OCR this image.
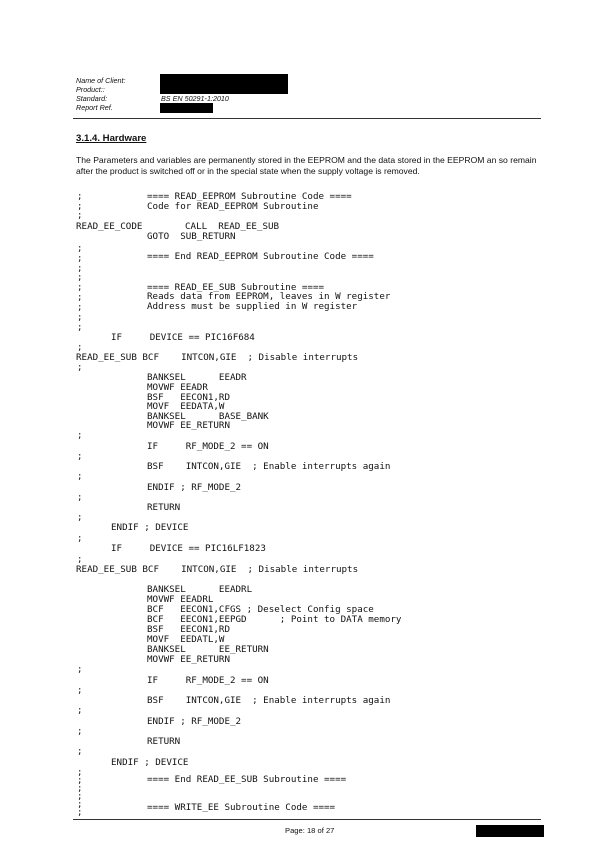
Name of Client:
Product::
Standard:
Report Ref.
BS EN 50291-1:2010
3.1.4. Hardware
The Parameters and variables are permanently stored in the EEPROM and the data stored in the EEPROM an so remain after the product is switched off or in the special state when the supply voltage is removed.
;
;
;
;
;
;
;
;
;
;
;
;
;
;
;
;
;
;
;
;
;
;
;
;
;
;
;
;
;
;
;
;
==== READ_EEPROM Subroutine Code ====
Code for READ_EEPROM Subroutine
READ_EE_CODE	CALL  READ_EE_SUB
GOTO  SUB_RETURN
==== End READ_EEPROM Subroutine Code ====
==== READ_EE_SUB Subroutine ====
Reads data from EEPROM, leaves in W register
Address must be supplied in W register
IF     DEVICE == PIC16F684
READ_EE_SUB BCF    INTCON,GIE  ; Disable interrupts
BANKSEL      EEADR
MOVWF EEADR
BSF   EECON1,RD
MOVF  EEDATA,W
BANKSEL      BASE_BANK
MOVWF EE_RETURN
IF     RF_MODE_2 == ON
BSF    INTCON,GIE  ; Enable interrupts again
ENDIF ; RF_MODE_2
RETURN
ENDIF ; DEVICE
IF     DEVICE == PIC16LF1823
READ_EE_SUB BCF    INTCON,GIE  ; Disable interrupts
BANKSEL      EEADRL
MOVWF EEADRL
BCF   EECON1,CFGS ; Deselect Config space
BCF   EECON1,EEPGD      ; Point to DATA memory
BSF   EECON1,RD
MOVF  EEDATL,W
BANKSEL      EE_RETURN
MOVWF EE_RETURN
IF     RF_MODE_2 == ON
BSF    INTCON,GIE  ; Enable interrupts again
ENDIF ; RF_MODE_2
RETURN
ENDIF ; DEVICE
==== End READ_EE_SUB Subroutine ====
==== WRITE_EE Subroutine Code ====
Page: 18 of 27
